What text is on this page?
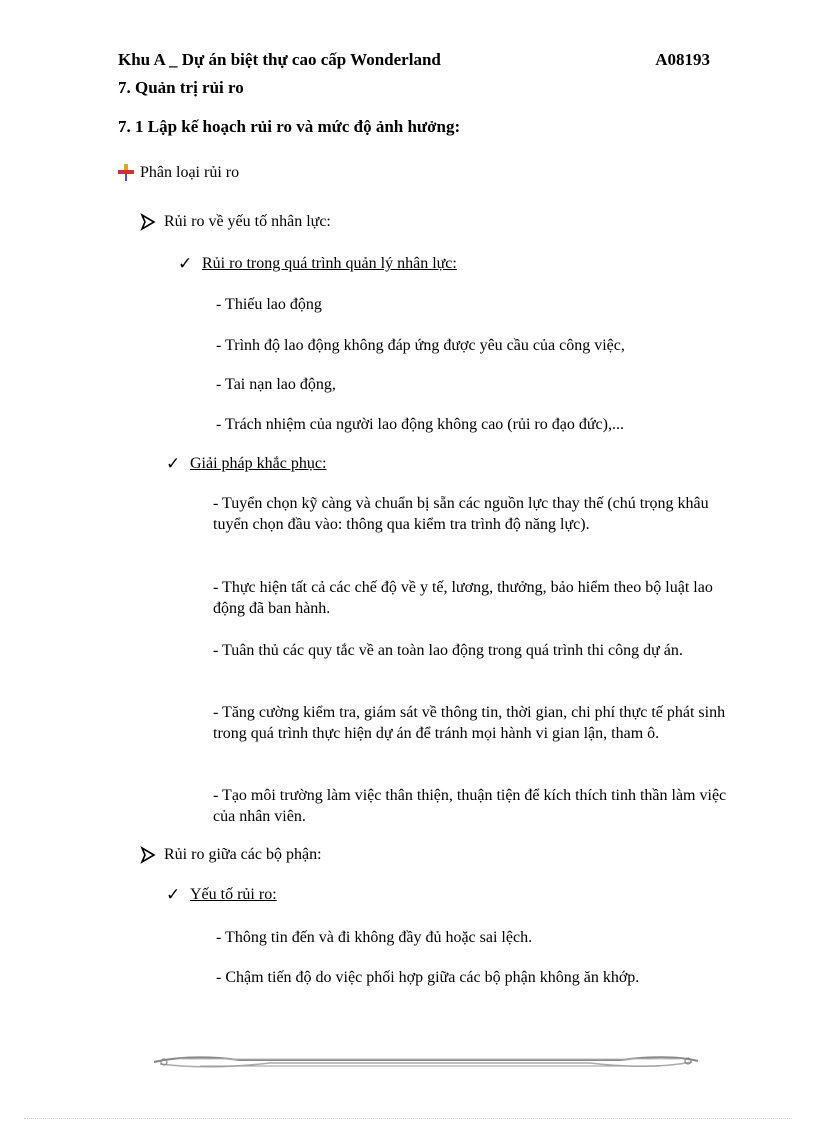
Khu A _ Dự án biệt thự cao cấp Wonderland	A08193
7. Quản trị rủi ro
7. 1 Lập kế hoạch rủi ro và mức độ ảnh hưởng:
Phân loại rủi ro
Rủi ro về yếu tố nhân lực:
✓ Rủi ro trong quá trình quản lý nhân lực:
- Thiếu lao động
- Trình độ lao động không đáp ứng được yêu cầu của công việc,
- Tai nạn lao động,
- Trách nhiệm của người lao động không cao (rủi ro đạo đức),...
✓ Giải pháp khắc phục:
- Tuyển chọn kỹ càng và chuẩn bị sẵn các nguồn lực thay thế (chú trọng khâu tuyển chọn đầu vào: thông qua kiểm tra trình độ năng lực).
- Thực hiện tất cả các chế độ về y tế, lương, thưởng, bảo hiểm theo bộ luật lao động đã ban hành.
- Tuân thủ các quy tắc về an toàn lao động trong quá trình thi công dự án.
- Tăng cường kiểm tra, giám sát về thông tin, thời gian, chi phí thực tế phát sinh trong quá trình thực hiện dự án để tránh mọi hành vi gian lận, tham ô.
- Tạo môi trường làm việc thân thiện, thuận tiện để kích thích tinh thần làm việc của nhân viên.
Rủi ro giữa các bộ phận:
✓ Yếu tố rủi ro:
- Thông tin đến và đi không đầy đủ hoặc sai lệch.
- Chậm tiến độ do việc phối hợp giữa các bộ phận không ăn khớp.
